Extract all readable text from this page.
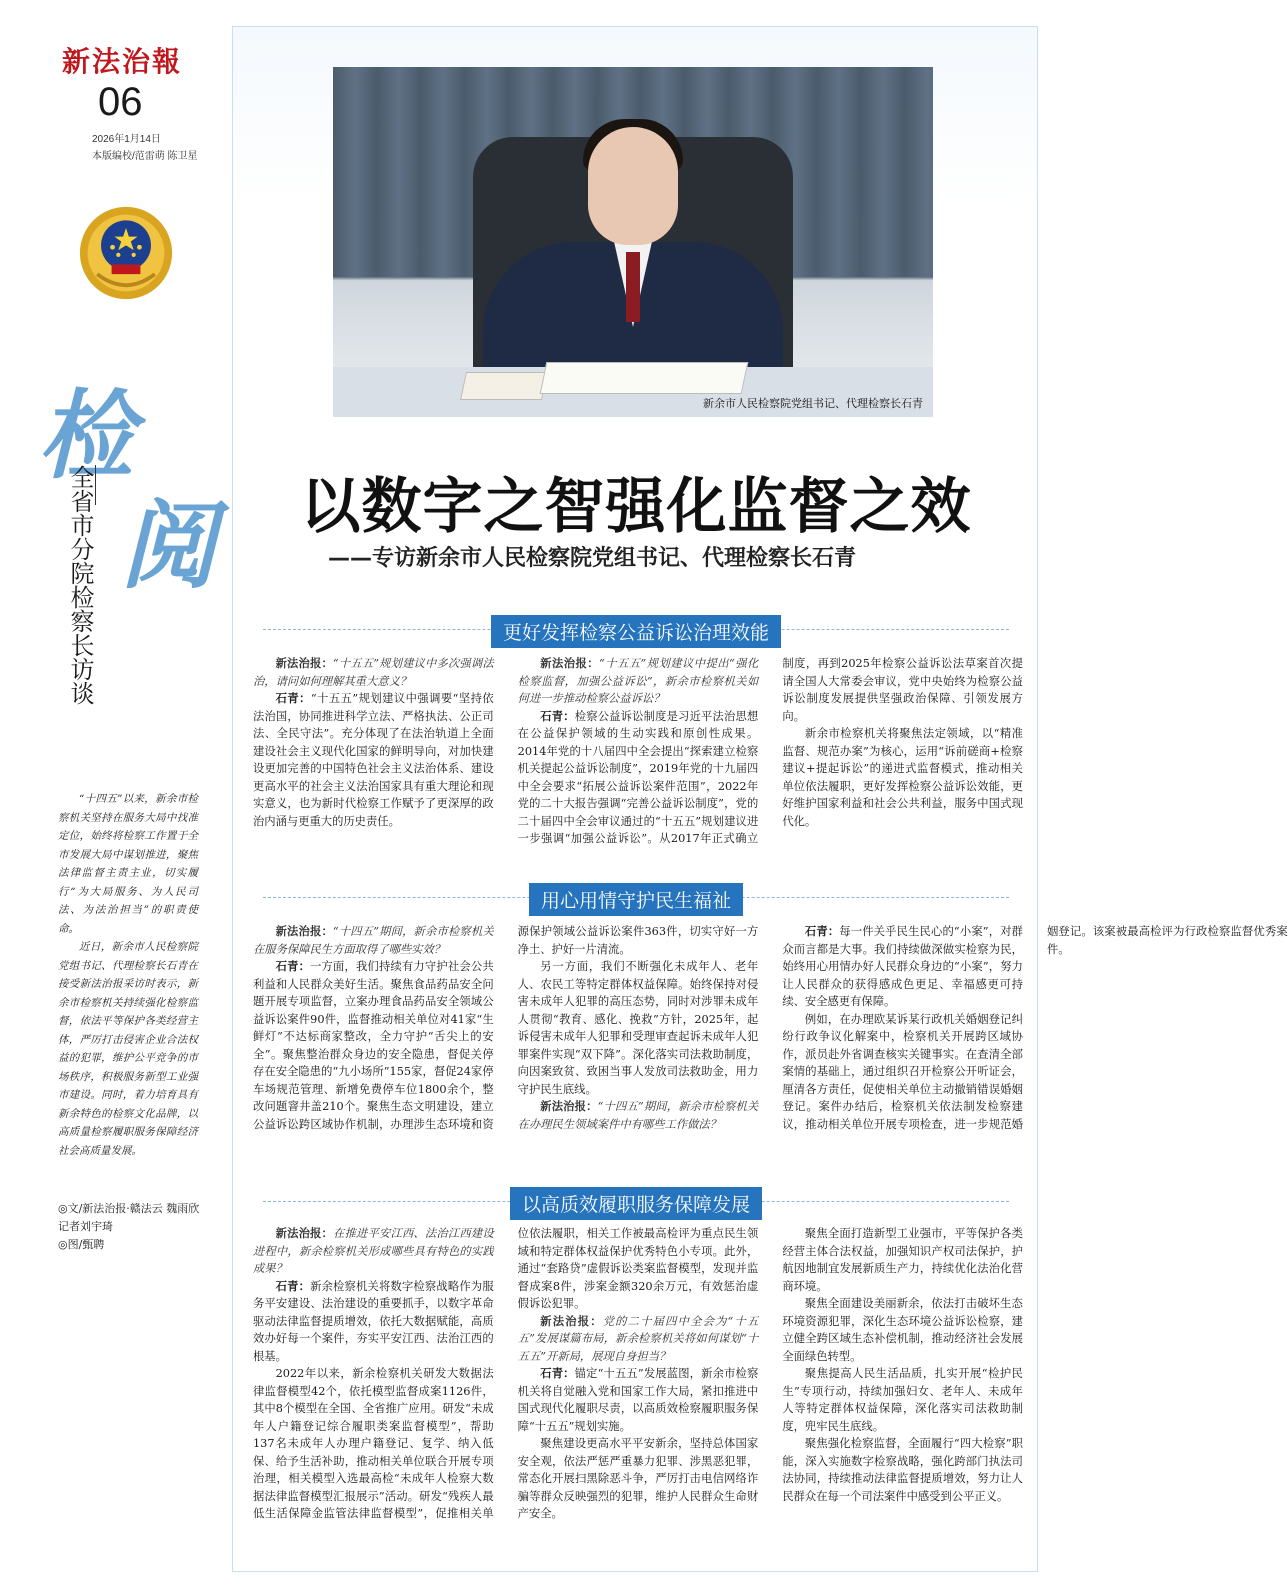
新法治報
06
2026年1月14日
本版编校/范雷萌 陈卫星
检
阅
全省市分院检察长访谈

“十四五”以来，新余市检察机关坚持在服务大局中找准定位，始终将检察工作置于全市发展大局中谋划推进，聚焦法律监督主责主业，切实履行“为大局服务、为人民司法、为法治担当”的职责使命。

近日，新余市人民检察院党组书记、代理检察长石青在接受新法治报采访时表示，新余市检察机关持续强化检察监督，依法平等保护各类经营主体，严厉打击侵害企业合法权益的犯罪，维护公平竞争的市场秩序，积极服务新型工业强市建设。同时，着力培育具有新余特色的检察文化品牌，以高质量检察履职服务保障经济社会高质量发展。

◎文/新法治报·赣法云 魏雨欣 记者刘宇琦

◎图/甄聘

新余市人民检察院党组书记、代理检察长石青
以数字之智强化监督之效
——专访新余市人民检察院党组书记、代理检察长石青
更好发挥检察公益诉讼治理效能

新法治报：“十五五”规划建议中多次强调法治，请问如何理解其重大意义？

石青：“十五五”规划建议中强调要“坚持依法治国，协同推进科学立法、严格执法、公正司法、全民守法”。充分体现了在法治轨道上全面建设社会主义现代化国家的鲜明导向，对加快建设更加完善的中国特色社会主义法治体系、建设更高水平的社会主义法治国家具有重大理论和现实意义，也为新时代检察工作赋予了更深厚的政治内涵与更重大的历史责任。

新法治报：“十五五”规划建议中提出“强化检察监督，加强公益诉讼”，新余市检察机关如何进一步推动检察公益诉讼？

石青：检察公益诉讼制度是习近平法治思想在公益保护领域的生动实践和原创性成果。2014年党的十八届四中全会提出“探索建立检察机关提起公益诉讼制度”，2019年党的十九届四中全会要求“拓展公益诉讼案件范围”，2022年党的二十大报告强调“完善公益诉讼制度”，党的二十届四中全会审议通过的“十五五”规划建议进一步强调“加强公益诉讼”。从2017年正式确立制度，再到2025年检察公益诉讼法草案首次提请全国人大常委会审议，党中央始终为检察公益诉讼制度发展提供坚强政治保障、引领发展方向。

新余市检察机关将聚焦法定领域，以“精准监督、规范办案”为核心，运用“诉前磋商+检察建议+提起诉讼”的递进式监督模式，推动相关单位依法履职，更好发挥检察公益诉讼效能，更好维护国家利益和社会公共利益，服务中国式现代化。

用心用情守护民生福祉

新法治报：“十四五”期间，新余市检察机关在服务保障民生方面取得了哪些实效？

石青：一方面，我们持续有力守护社会公共利益和人民群众美好生活。聚焦食品药品安全问题开展专项监督，立案办理食品药品安全领域公益诉讼案件90件，监督推动相关单位对41家“生鲜灯”不达标商家整改，全力守护“舌尖上的安全”。聚焦整治群众身边的安全隐患，督促关停存在安全隐患的“九小场所”155家，督促24家停车场规范管理、新增免费停车位1800余个，整改问题窨井盖210个。聚焦生态文明建设，建立公益诉讼跨区域协作机制，办理涉生态环境和资源保护领域公益诉讼案件363件，切实守好一方净土、护好一片清流。

另一方面，我们不断强化未成年人、老年人、农民工等特定群体权益保障。始终保持对侵害未成年人犯罪的高压态势，同时对涉罪未成年人贯彻“教育、感化、挽救”方针，2025年，起诉侵害未成年人犯罪和受理审查起诉未成年人犯罪案件实现“双下降”。深化落实司法救助制度，向因案致贫、致困当事人发放司法救助金，用力守护民生底线。

新法治报：“十四五”期间，新余市检察机关在办理民生领域案件中有哪些工作做法？

石青：每一件关乎民生民心的“小案”，对群众而言都是大事。我们持续做深做实检察为民，始终用心用情办好人民群众身边的“小案”，努力让人民群众的获得感成色更足、幸福感更可持续、安全感更有保障。

例如，在办理欧某诉某行政机关婚姻登记纠纷行政争议化解案中，检察机关开展跨区域协作，派员赴外省调查核实关键事实。在查清全部案情的基础上，通过组织召开检察公开听证会，厘清各方责任，促使相关单位主动撤销错误婚姻登记。案件办结后，检察机关依法制发检察建议，推动相关单位开展专项检查，进一步规范婚姻登记。该案被最高检评为行政检察监督优秀案件。

以高质效履职服务保障发展

新法治报：在推进平安江西、法治江西建设进程中，新余检察机关形成哪些具有特色的实践成果？

石青：新余检察机关将数字检察战略作为服务平安建设、法治建设的重要抓手，以数字革命驱动法律监督提质增效，依托大数据赋能，高质效办好每一个案件，夯实平安江西、法治江西的根基。

2022年以来，新余检察机关研发大数据法律监督模型42个，依托模型监督成案1126件，其中8个模型在全国、全省推广应用。研发“未成年人户籍登记综合履职类案监督模型”，帮助137名未成年人办理户籍登记、复学、纳入低保、给予生活补助，推动相关单位联合开展专项治理，相关模型入选最高检“未成年人检察大数据法律监督模型汇报展示”活动。研发“残疾人最低生活保障金监管法律监督模型”，促推相关单位依法履职，相关工作被最高检评为重点民生领域和特定群体权益保护优秀特色小专项。此外，通过“套路贷”虚假诉讼类案监督模型，发现并监督成案8件，涉案金额320余万元，有效惩治虚假诉讼犯罪。

新法治报：党的二十届四中全会为“十五五”发展谋篇布局，新余检察机关将如何谋划“十五五”开新局，展现自身担当？

石青：锚定“十五五”发展蓝图，新余市检察机关将自觉融入党和国家工作大局，紧扣推进中国式现代化履职尽责，以高质效检察履职服务保障“十五五”规划实施。

聚焦建设更高水平平安新余，坚持总体国家安全观，依法严惩严重暴力犯罪、涉黑恶犯罪，常态化开展扫黑除恶斗争，严厉打击电信网络诈骗等群众反映强烈的犯罪，维护人民群众生命财产安全。

聚焦全面打造新型工业强市，平等保护各类经营主体合法权益，加强知识产权司法保护，护航因地制宜发展新质生产力，持续优化法治化营商环境。

聚焦全面建设美丽新余，依法打击破坏生态环境资源犯罪，深化生态环境公益诉讼检察，建立健全跨区域生态补偿机制，推动经济社会发展全面绿色转型。

聚焦提高人民生活品质，扎实开展“检护民生”专项行动，持续加强妇女、老年人、未成年人等特定群体权益保障，深化落实司法救助制度，兜牢民生底线。

聚焦强化检察监督，全面履行“四大检察”职能，深入实施数字检察战略，强化跨部门执法司法协同，持续推动法律监督提质增效，努力让人民群众在每一个司法案件中感受到公平正义。
